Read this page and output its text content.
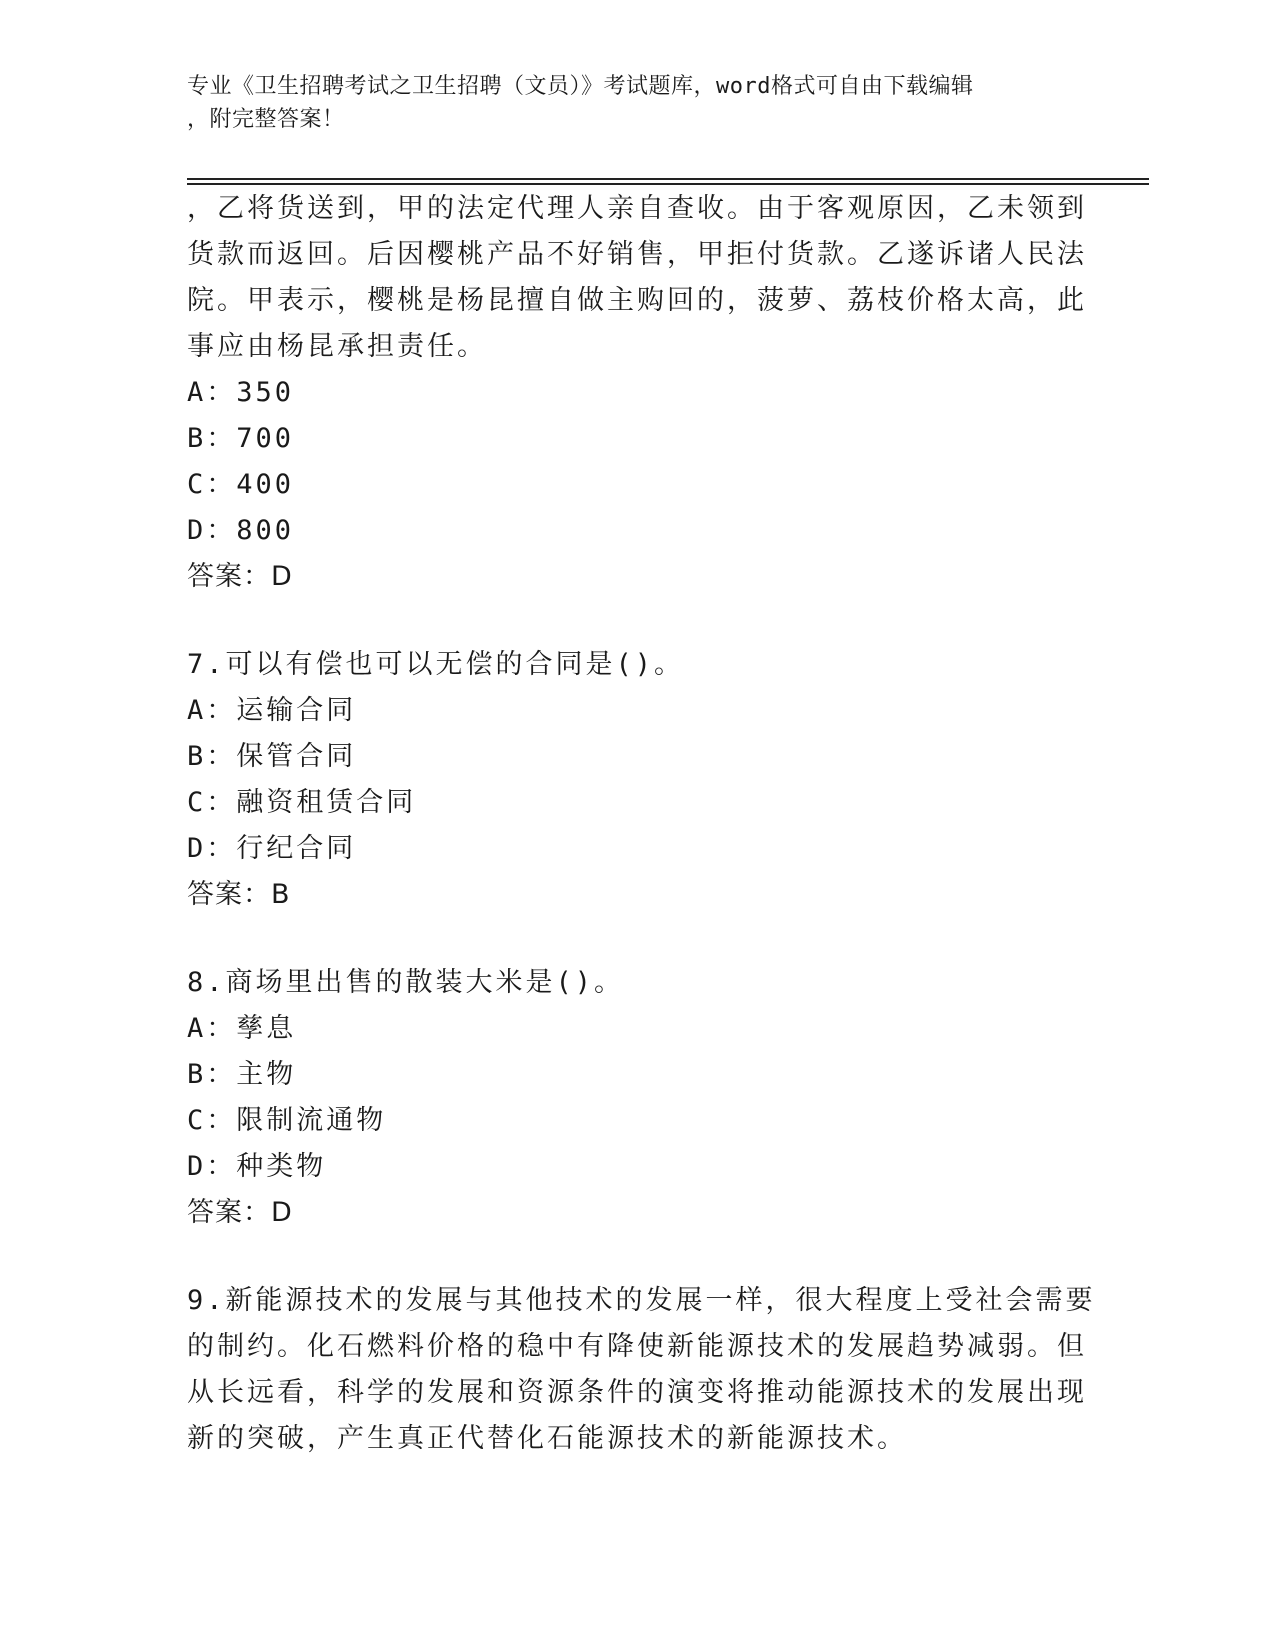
专业《卫生招聘考试之卫生招聘（文员）》考试题库，word格式可自由下载编辑
，附完整答案！
，乙将货送到，甲的法定代理人亲自查收。由于客观原因，乙未领到
货款而返回。后因樱桃产品不好销售，甲拒付货款。乙遂诉诸人民法
院。甲表示，樱桃是杨昆擅自做主购回的，菠萝、荔枝价格太高，此
事应由杨昆承担责任。

A：350

B：700

C：400

D：800

答案：D

7.可以有偿也可以无偿的合同是()。

A：运输合同

B：保管合同

C：融资租赁合同

D：行纪合同

答案：B

8.商场里出售的散装大米是()。

A：孳息

B：主物

C：限制流通物

D：种类物

答案：D

9.新能源技术的发展与其他技术的发展一样，很大程度上受社会需要
的制约。化石燃料价格的稳中有降使新能源技术的发展趋势减弱。但
从长远看，科学的发展和资源条件的演变将推动能源技术的发展出现
新的突破，产生真正代替化石能源技术的新能源技术。
